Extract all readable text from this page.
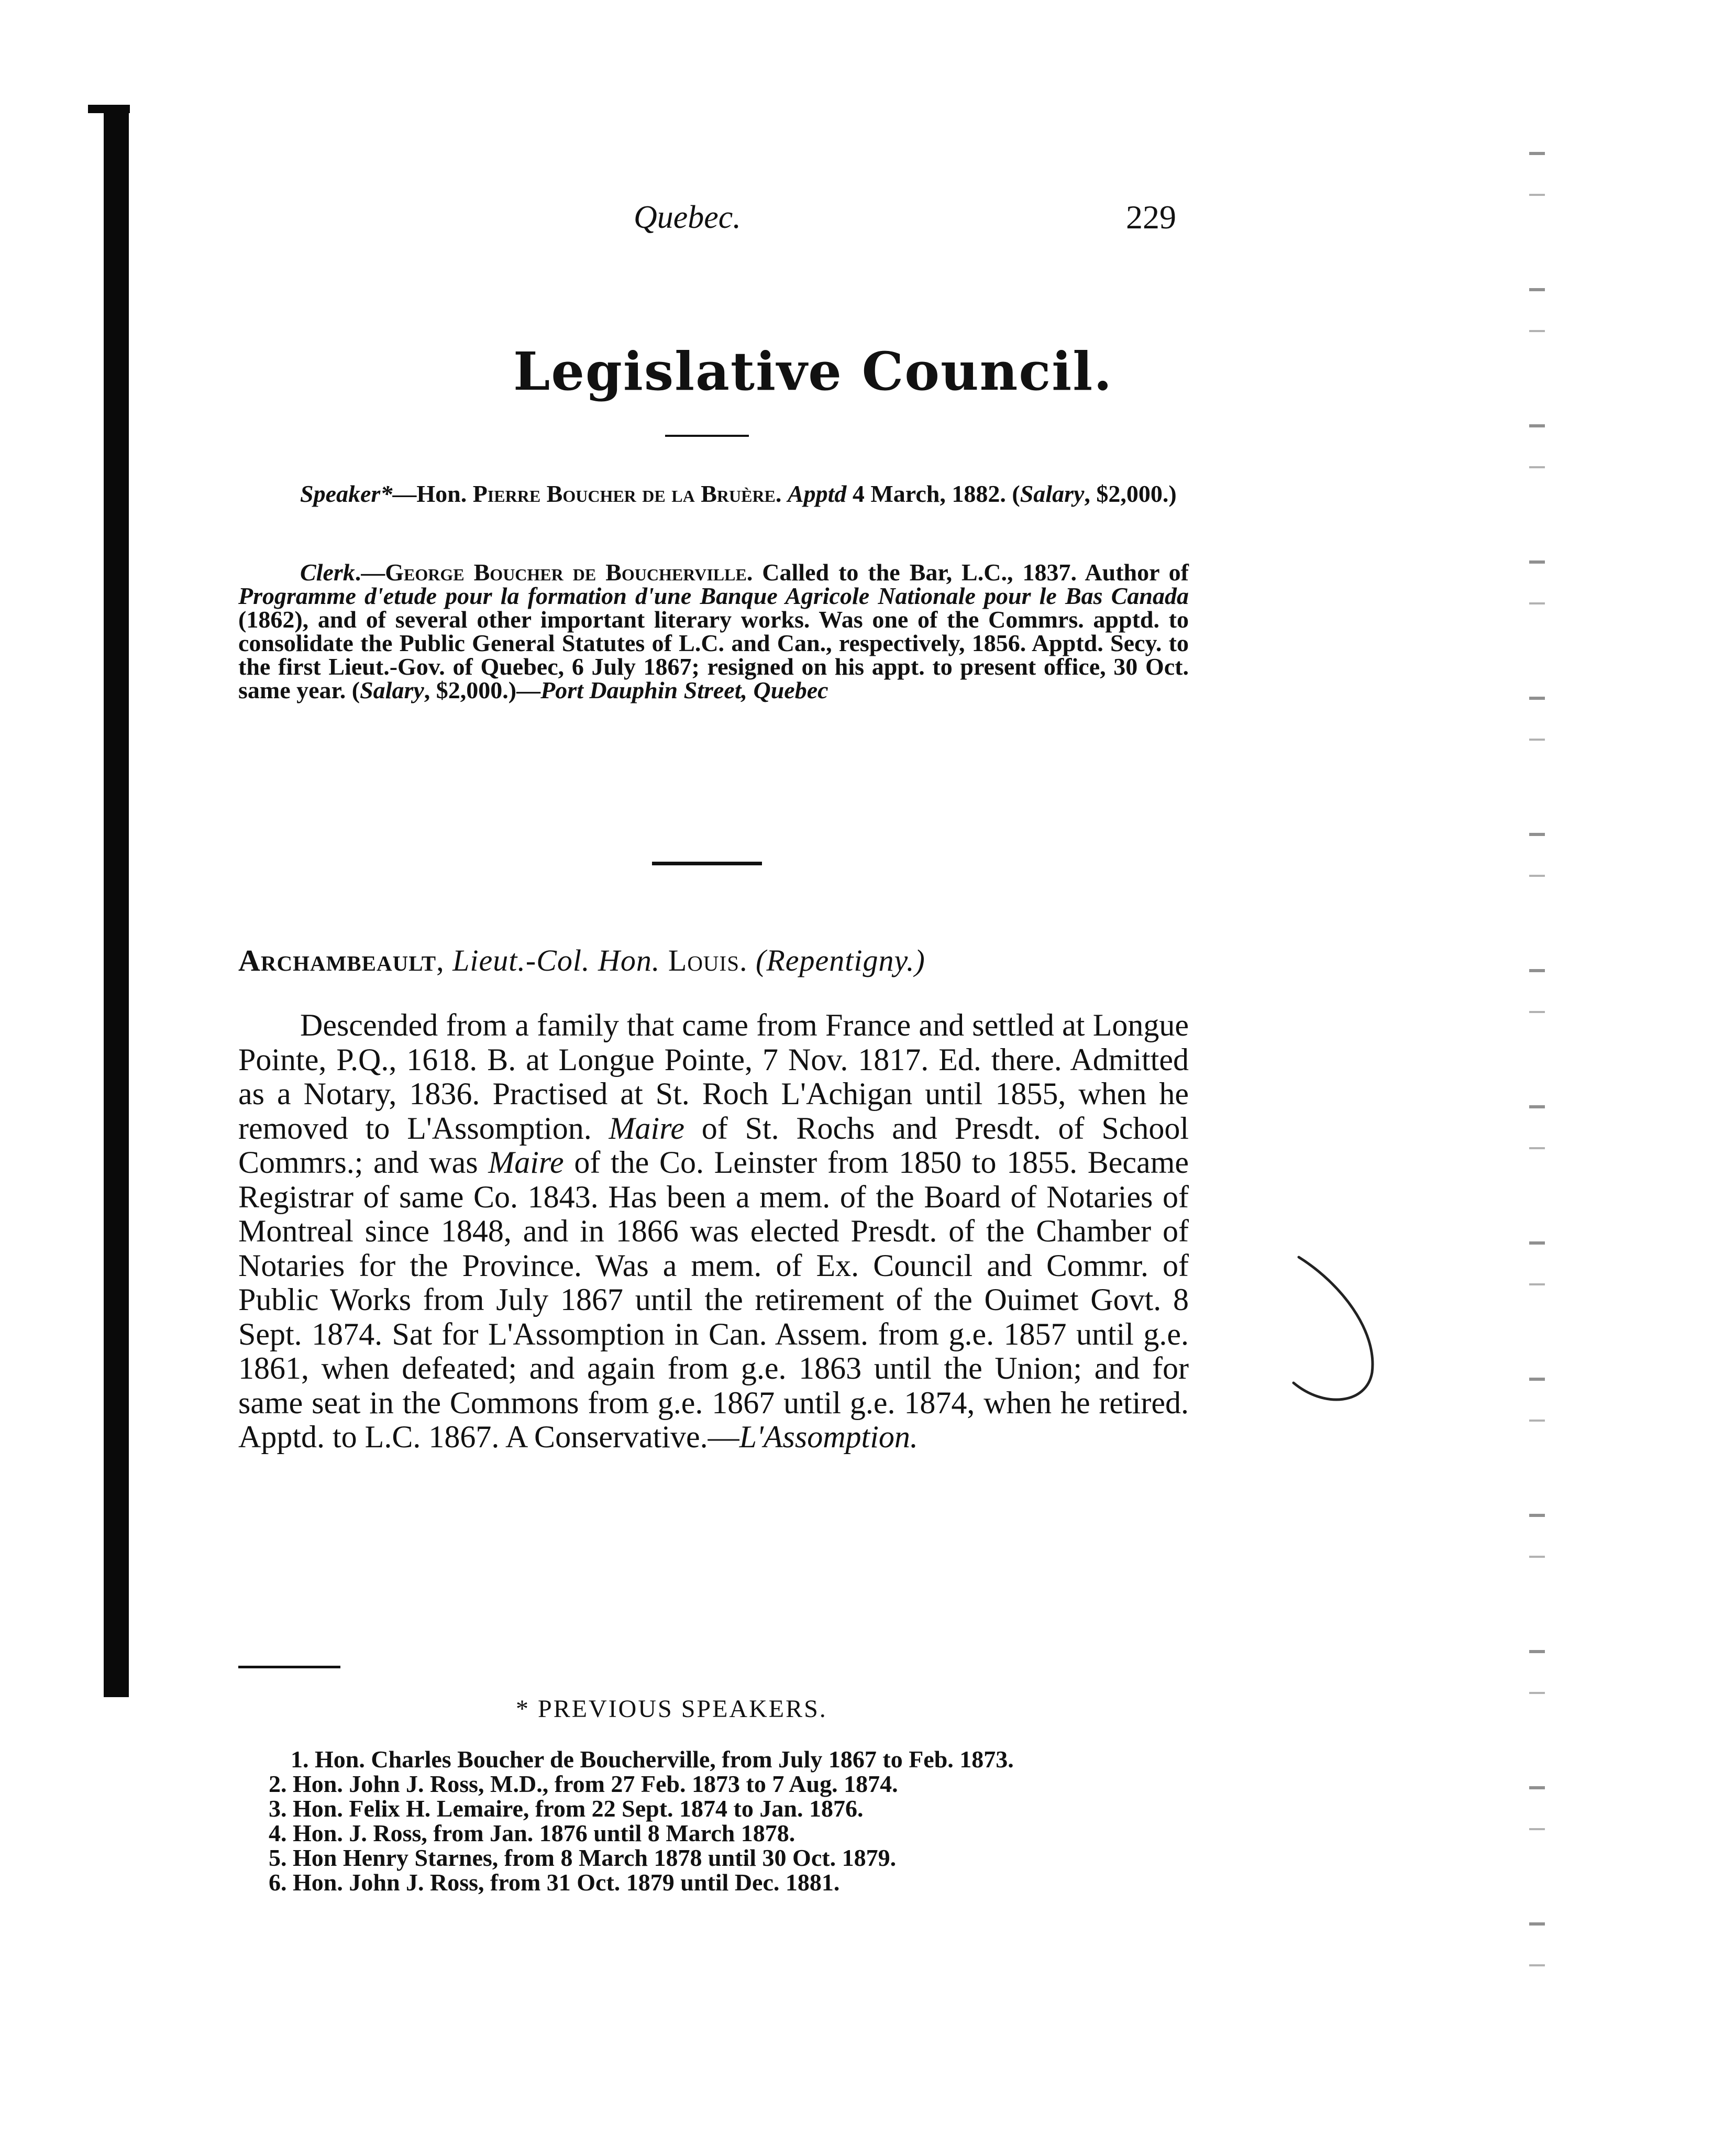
Quebec.	229
Legislative Council.

Speaker*—Hon. Pierre Boucher de la Bruère. Apptd 4 March, 1882. (Salary, $2,000.)

Clerk.—George Boucher de Boucherville. Called to the Bar, L.C., 1837. Author of Programme d'etude pour la formation d'une Banque Agricole Nationale pour le Bas Canada (1862), and of several other important literary works. Was one of the Commrs. apptd. to consolidate the Public General Statutes of L.C. and Can., respectively, 1856. Apptd. Secy. to the first Lieut.-Gov. of Quebec, 6 July 1867; resigned on his appt. to present office, 30 Oct. same year. (Salary, $2,000.)—Port Dauphin Street, Quebec

Archambeault, Lieut.-Col. Hon. Louis. (Repentigny.)

Descended from a family that came from France and settled at Longue Pointe, P.Q., 1618. B. at Longue Pointe, 7 Nov. 1817. Ed. there. Admitted as a Notary, 1836. Practised at St. Roch L'Achigan until 1855, when he removed to L'Assomption. Maire of St. Rochs and Presdt. of School Commrs.; and was Maire of the Co. Leinster from 1850 to 1855. Became Registrar of same Co. 1843. Has been a mem. of the Board of Notaries of Montreal since 1848, and in 1866 was elected Presdt. of the Chamber of Notaries for the Province. Was a mem. of Ex. Council and Commr. of Public Works from July 1867 until the retirement of the Ouimet Govt. 8 Sept. 1874. Sat for L'Assomption in Can. Assem. from g.e. 1857 until g.e. 1861, when defeated; and again from g.e. 1863 until the Union; and for same seat in the Commons from g.e. 1867 until g.e. 1874, when he retired. Apptd. to L.C. 1867. A Conservative.—L'Assomption.

* PREVIOUS SPEAKERS.
1. Hon. Charles Boucher de Boucherville, from July 1867 to Feb. 1873.
2. Hon. John J. Ross, M.D., from 27 Feb. 1873 to 7 Aug. 1874.
3. Hon. Felix H. Lemaire, from 22 Sept. 1874 to Jan. 1876.
4. Hon. J. Ross, from Jan. 1876 until 8 March 1878.
5. Hon Henry Starnes, from 8 March 1878 until 30 Oct. 1879.
6. Hon. John J. Ross, from 31 Oct. 1879 until Dec. 1881.
